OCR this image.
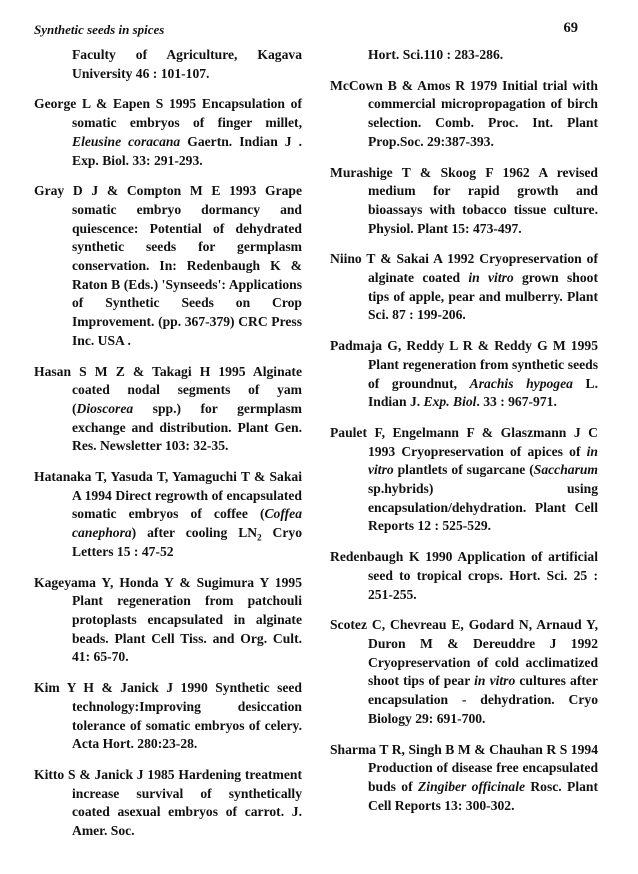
Synthetic seeds in spices	69

Faculty of Agriculture, Kagava University 46 : 101-107.

George L & Eapen S 1995 Encapsulation of somatic embryos of finger millet, Eleusine coracana Gaertn. Indian J . Exp. Biol. 33: 291-293.

Gray D J & Compton M E 1993 Grape somatic embryo dormancy and quiescence: Potential of dehydrated synthetic seeds for germplasm conservation. In: Redenbaugh K & Raton B (Eds.) 'Synseeds': Applications of Synthetic Seeds on Crop Improvement. (pp. 367-379) CRC Press Inc. USA .

Hasan S M Z & Takagi H 1995 Alginate coated nodal segments of yam (Dioscorea spp.) for germplasm exchange and distribution. Plant Gen. Res. Newsletter 103: 32-35.

Hatanaka T, Yasuda T, Yamaguchi T & Sakai A 1994 Direct regrowth of encapsulated somatic embryos of coffee (Coffea canephora) after cooling $LN_2$ Cryo Letters 15 : 47-52

Kageyama Y, Honda Y & Sugimura Y 1995 Plant regeneration from patchouli protoplasts encapsulated in alginate beads. Plant Cell Tiss. and Org. Cult. 41: 65-70.

Kim Y H & Janick J 1990 Synthetic seed technology:Improving desiccation tolerance of somatic embryos of celery. Acta Hort. 280:23-28.

Kitto S & Janick J 1985 Hardening treatment increase survival of synthetically coated asexual embryos of carrot. J. Amer. Soc.

Hort. Sci.110 : 283-286.

McCown B & Amos R 1979 Initial trial with commercial micropropagation of birch selection. Comb. Proc. Int. Plant Prop.Soc. 29:387-393.

Murashige T & Skoog F 1962 A revised medium for rapid growth and bioassays with tobacco tissue culture. Physiol. Plant 15: 473-497.

Niino T & Sakai A 1992 Cryopreservation of alginate coated in vitro grown shoot tips of apple, pear and mulberry. Plant Sci. 87 : 199-206.

Padmaja G, Reddy L R & Reddy G M 1995 Plant regeneration from synthetic seeds of groundnut, Arachis hypogea L. Indian J. Exp. Biol. 33 : 967-971.

Paulet F, Engelmann F & Glaszmann J C 1993 Cryopreservation of apices of in vitro plantlets of sugarcane (Saccharum sp.hybrids) using encapsulation/dehydration. Plant Cell Reports 12 : 525-529.

Redenbaugh K 1990 Application of artificial seed to tropical crops. Hort. Sci. 25 : 251-255.

Scotez C, Chevreau E, Godard N, Arnaud Y, Duron M & Dereuddre J 1992 Cryopreservation of cold acclimatized shoot tips of pear in vitro cultures after encapsulation - dehydration. Cryo Biology 29: 691-700.

Sharma T R, Singh B M & Chauhan R S 1994 Production of disease free encapsulated buds of Zingiber officinale Rosc. Plant Cell Reports 13: 300-302.
